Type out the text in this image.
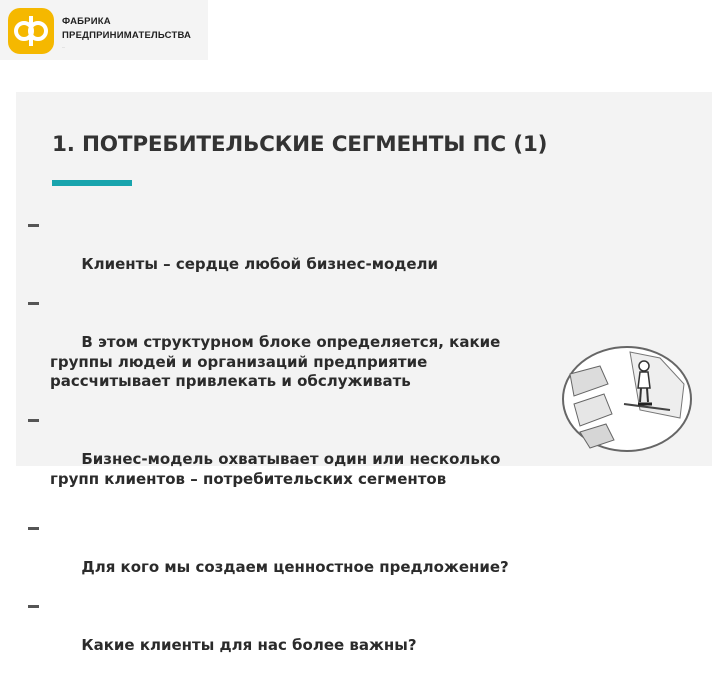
ФАБРИКА
ПРЕДПРИНИМАТЕЛЬСТВА
...
1. ПОТРЕБИТЕЛЬСКИЕ СЕГМЕНТЫ ПС (1)

Клиенты – сердце любой бизнес-модели

В этом структурном блоке определяется, какие
группы людей и организаций предприятие
рассчитывает привлекать и обслуживать

Бизнес-модель охватывает один или несколько
групп клиентов – потребительских сегментов

Для кого мы создаем ценностное предложение?

Какие клиенты для нас более важны?
